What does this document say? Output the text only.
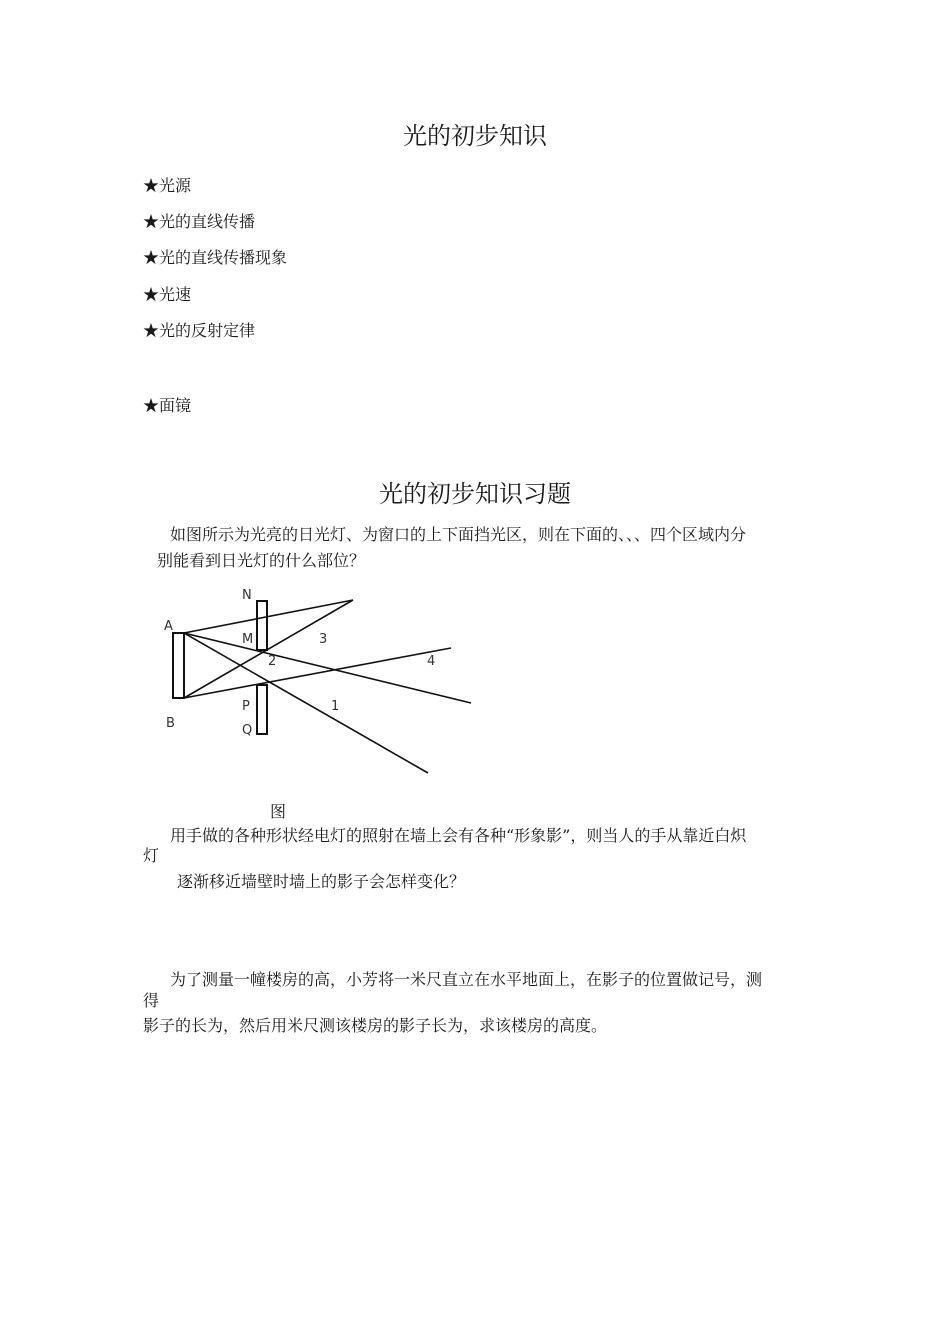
光的初步知识
★光源
★光的直线传播
★光的直线传播现象
★光速
★光的反射定律
★面镜
光的初步知识习题
如图所示为光亮的日光灯、为窗口的上下面挡光区，则在下面的、、、四个区域内分
别能看到日光灯的什么部位？
A
B
N
M
P
Q
2
3
4
1
图
用手做的各种形状经电灯的照射在墙上会有各种“形象影”，则当人的手从靠近白炽
灯
逐渐移近墙壁时墙上的影子会怎样变化？
为了测量一幢楼房的高，小芳将一米尺直立在水平地面上，在影子的位置做记号，测
得
影子的长为，然后用米尺测该楼房的影子长为，求该楼房的高度。
